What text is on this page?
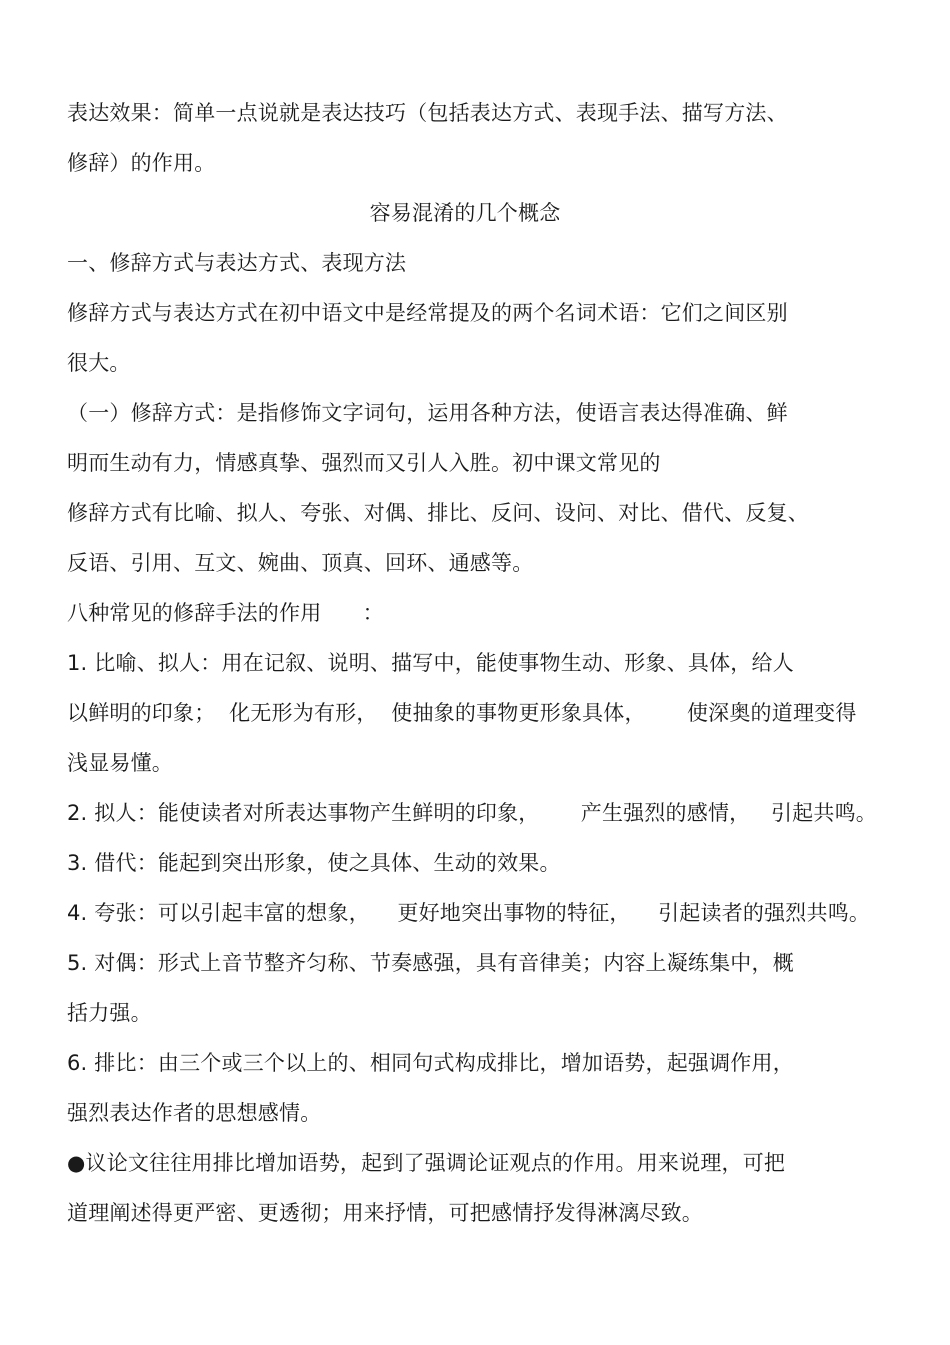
表达效果：简单一点说就是表达技巧（包括表达方式、表现手法、描写方法、
修辞）的作用。
容易混淆的几个概念
一、修辞方式与表达方式、表现方法
修辞方式与表达方式在初中语文中是经常提及的两个名词术语：它们之间区别
很大。
（一）修辞方式：是指修饰文字词句，运用各种方法，使语言表达得准确、鲜
明而生动有力，情感真挚、强烈而又引人入胜。初中课文常见的
修辞方式有比喻、拟人、夸张、对偶、排比、反问、设问、对比、借代、反复、
反语、引用、互文、婉曲、顶真、回环、通感等。
八种常见的修辞手法的作用      ：
1. 比喻、拟人：用在记叙、说明、描写中，能使事物生动、形象、具体，给人
以鲜明的印象；  化无形为有形，  使抽象的事物更形象具体，      使深奥的道理变得
浅显易懂。
2. 拟人：能使读者对所表达事物产生鲜明的印象，      产生强烈的感情，   引起共鸣。
3. 借代：能起到突出形象，使之具体、生动的效果。
4. 夸张：可以引起丰富的想象，    更好地突出事物的特征，    引起读者的强烈共鸣。
5. 对偶：形式上音节整齐匀称、节奏感强，具有音律美；内容上凝练集中，概
括力强。
6. 排比：由三个或三个以上的、相同句式构成排比，增加语势，起强调作用，
强烈表达作者的思想感情。
●议论文往往用排比增加语势，起到了强调论证观点的作用。用来说理，可把
道理阐述得更严密、更透彻；用来抒情，可把感情抒发得淋漓尽致。
